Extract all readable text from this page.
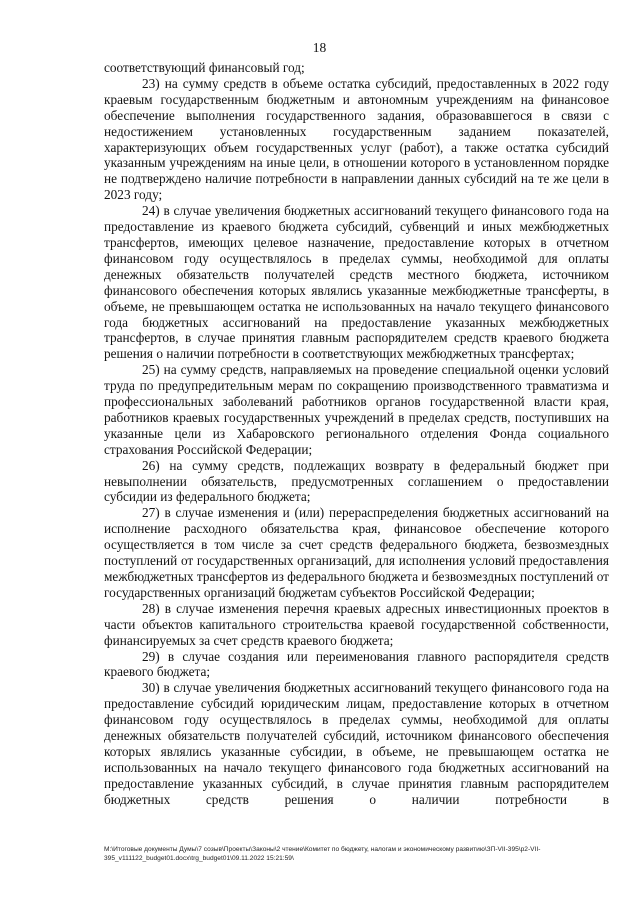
18

соответствующий финансовый год;

23) на сумму средств в объеме остатка субсидий, предоставленных в 2022 году краевым государственным бюджетным и автономным учреждениям на финансовое обеспечение выполнения государственного задания, образовавшегося в связи с недостижением установленных государственным заданием показателей, характеризующих объем государственных услуг (работ), а также остатка субсидий указанным учреждениям на иные цели, в отношении которого в установленном порядке не подтверждено наличие потребности в направлении данных субсидий на те же цели в 2023 году;

24) в случае увеличения бюджетных ассигнований текущего финансового года на предоставление из краевого бюджета субсидий, субвенций и иных межбюджетных трансфертов, имеющих целевое назначение, предоставление которых в отчетном финансовом году осуществлялось в пределах суммы, необходимой для оплаты денежных обязательств получателей средств местного бюджета, источником финансового обеспечения которых являлись указанные межбюджетные трансферты, в объеме, не превышающем остатка не использованных на начало текущего финансового года бюджетных ассигнований на предоставление указанных межбюджетных трансфертов, в случае принятия главным распорядителем средств краевого бюджета решения о наличии потребности в соответствующих межбюджетных трансфертах;

25) на сумму средств, направляемых на проведение специальной оценки условий труда по предупредительным мерам по сокращению производственного травматизма и профессиональных заболеваний работников органов государственной власти края, работников краевых государственных учреждений в пределах средств, поступивших на указанные цели из Хабаровского регионального отделения Фонда социального страхования Российской Федерации;

26) на сумму средств, подлежащих возврату в федеральный бюджет при невыполнении обязательств, предусмотренных соглашением о предоставлении субсидии из федерального бюджета;

27) в случае изменения и (или) перераспределения бюджетных ассигнований на исполнение расходного обязательства края, финансовое обеспечение которого осуществляется в том числе за счет средств федерального бюджета, безвозмездных поступлений от государственных организаций, для исполнения условий предоставления межбюджетных трансфертов из федерального бюджета и безвозмездных поступлений от государственных организаций бюджетам субъектов Российской Федерации;

28) в случае изменения перечня краевых адресных инвестиционных проектов в части объектов капитального строительства краевой государственной собственности, финансируемых за счет средств краевого бюджета;

29) в случае создания или переименования главного распорядителя средств краевого бюджета;

30) в случае увеличения бюджетных ассигнований текущего финансового года на предоставление субсидий юридическим лицам, предоставление которых в отчетном финансовом году осуществлялось в пределах суммы, необходимой для оплаты денежных обязательств получателей субсидий, источником финансового обеспечения которых являлись указанные субсидии, в объеме, не превышающем остатка не использованных на начало текущего финансового года бюджетных ассигнований на предоставление указанных субсидий, в случае принятия главным распорядителем бюджетных средств решения о наличии потребности в

M:\Итоговые документы Думы\7 созыв\Проекты\Законы\2 чтение\Комитет по бюджету, налогам и экономическому развитию\ЗП-VII-395\p2-VII-395_v111122_budget01.docx\trg_budget01\09.11.2022 15:21:59\
